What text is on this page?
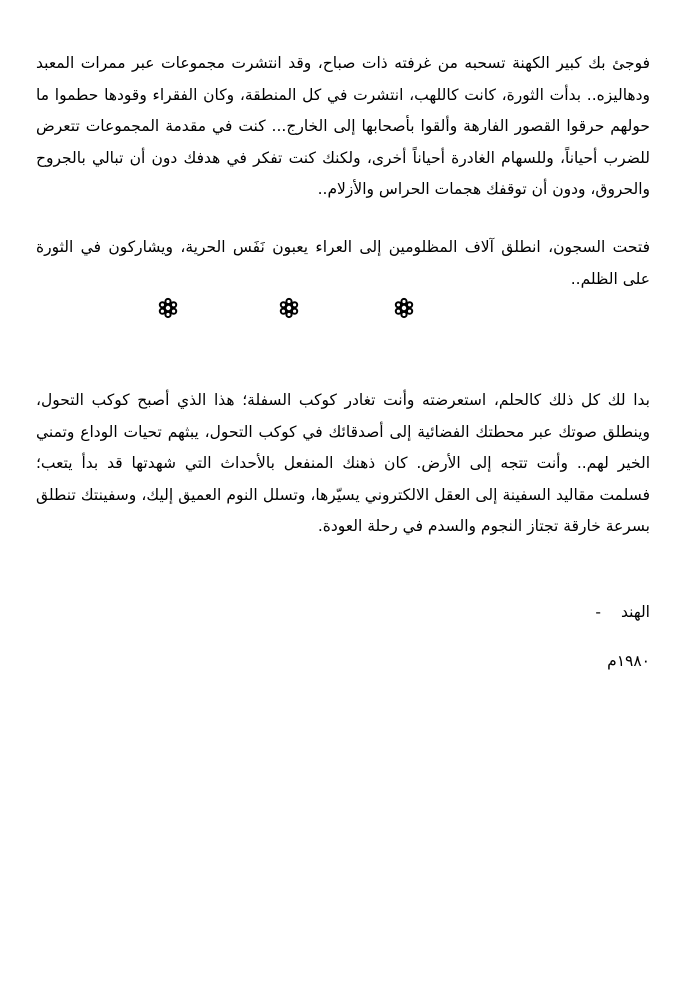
فوجئ بك كبير الكهنة تسحبه من غرفته ذات صباح، وقد انتشرت مجموعات عبر ممرات المعبد ودهاليزه.. بدأت الثورة، كانت كاللهب، انتشرت في كل المنطقة، وكان الفقراء وقودها حطموا ما حولهم حرقوا القصور الفارهة وألقوا بأصحابها إلى الخارج... كنت في مقدمة المجموعات تتعرض للضرب أحياناً، وللسهام الغادرة أحياناً أخرى، ولكنك كنت تفكر في هدفك دون أن تبالي بالجروح والحروق، ودون أن توقفك هجمات الحراس والأزلام..

فتحت السجون، انطلق آلاف المظلومين إلى العراء يعبون نَفَس الحرية، ويشاركون في الثورة على الظلم..

بدا لك كل ذلك كالحلم، استعرضته وأنت تغادر كوكب السفلة؛ هذا الذي أصبح كوكب التحول، وينطلق صوتك عبر محطتك الفضائية إلى أصدقائك في كوكب التحول، يبثهم تحيات الوداع وتمني الخير لهم.. وأنت تتجه إلى الأرض. كان ذهنك المنفعل بالأحداث التي شهدتها قد بدأ يتعب؛ فسلمت مقاليد السفينة إلى العقل الالكتروني يسيّرها، وتسلل النوم العميق إليك، وسفينتك تنطلق بسرعة خارقة تجتاز النجوم والسدم في رحلة العودة.

الهند
-
١٩٨٠م
